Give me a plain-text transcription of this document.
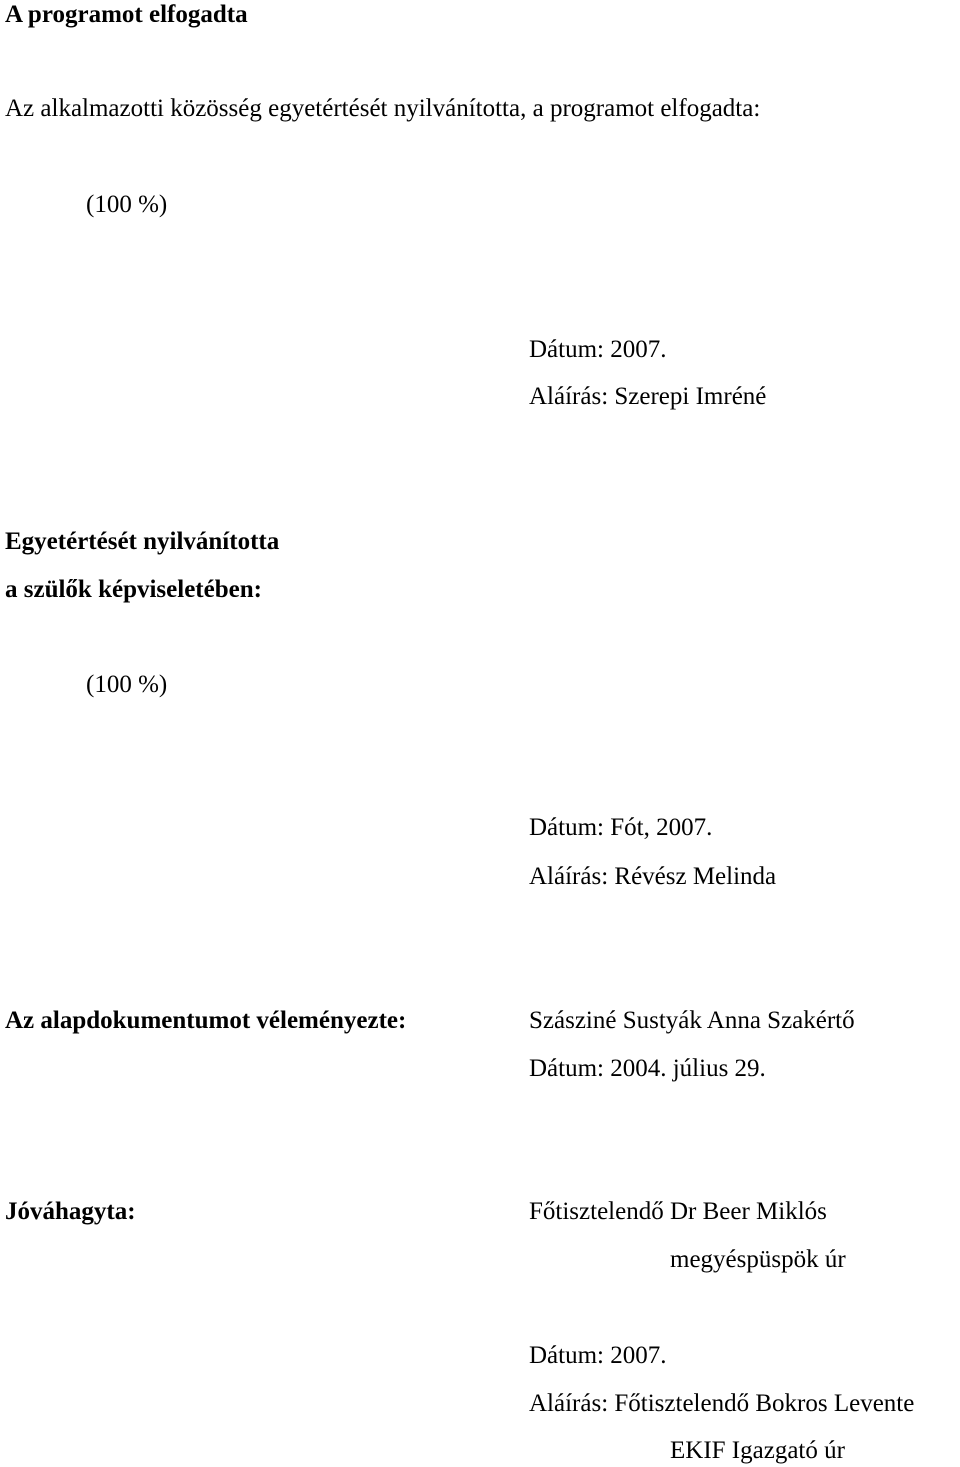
A programot elfogadta

Az alkalmazotti közösség egyetértését nyilvánította, a programot elfogadta:

(100 %)

Dátum: 2007.

Aláírás: Szerepi Imréné

Egyetértését nyilvánította

a szülők képviseletében:

(100 %)

Dátum: Fót, 2007.

Aláírás: Révész Melinda

Az alapdokumentumot véleményezte:	Szásziné Sustyák Anna Szakértő

Dátum: 2004. július 29.

Jóváhagyta:	Főtisztelendő Dr Beer Miklós

megyéspüspök úr

Dátum: 2007.

Aláírás: Főtisztelendő Bokros Levente

EKIF Igazgató úr
